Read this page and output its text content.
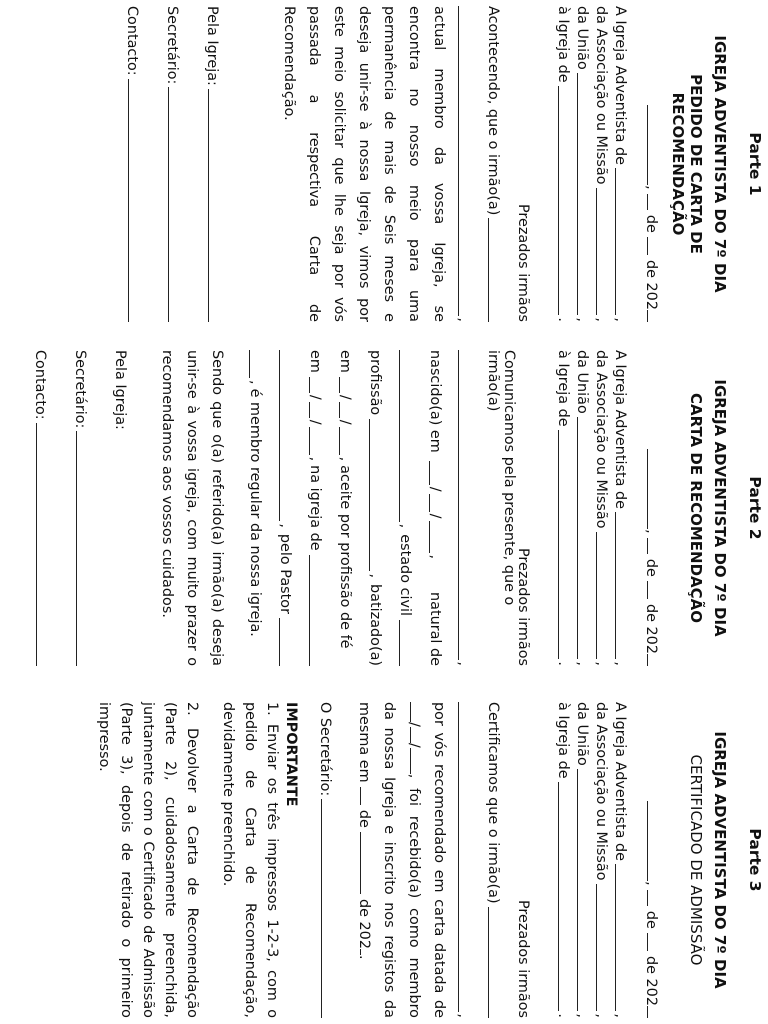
Parte 1
IGREJA ADVENTISTA DO 7º DIA
PEDIDO DE CARTA DE RECOMENDAÇÃO
,  de  de 202
A Igreja Adventista de
,
da Associação ou Missão
,
da União
,
à Igreja de
.
Prezados irmãos
Acontecendo, que o irmão(a)
,
actual membro da vossa Igreja, se encontra no nosso meio para uma permanência de mais de Seis meses e deseja unir-se à nossa Igreja, vimos por este meio solicitar que lhe seja por vós passada a respectiva Carta de Recomendação.
Pela Igreja:
Secretário:
Contacto:
Parte 2
IGREJA ADVENTISTA DO 7º DIA
CARTA DE RECOMENDAÇÃO
,  de  de 202
A Igreja Adventista de
,
da Associação ou Missão
,
da União
,
à Igreja de
.
Prezados irmãos
Comunicamos pela presente, que o irmão(a)
,
nascido(a) em
/
/
,
natural de
,
estado civil
profissão
,
batizado(a)
em
/
/
,
aceite por profissão de fé
em
/
/
,
na igreja de
,
pelo Pastor
,
é membro regular da nossa igreja.
Sendo que o(a) referido(a) irmão(a) deseja unir-se à vossa igreja, com muito prazer o recomendamos aos vossos cuidados.
Pela Igreja:
Secretário:
Contacto:
Parte 3
IGREJA ADVENTISTA DO 7º DIA
CERTIFICADO DE ADMISSÃO
,  de  de 202
A Igreja Adventista de
,
da Associação ou Missão
,
da União
,
à Igreja de
.
Prezados irmãos
Certificamos que o irmão(a)
,
por vós recomendado em carta datada de //, foi recebido(a) como membro da nossa Igreja e inscrito nos registos da mesma em  de  de 202.
O Secretário:
IMPORTANTE

1. Enviar os três impressos 1-2-3, com o pedido de Carta de Recomendação, devidamente preenchido.

2. Devolver a Carta de Recomendação (Parte 2), cuidadosamente preenchida, juntamente com o Certificado de Admissão (Parte 3), depois de retirado o primeiro impresso.
